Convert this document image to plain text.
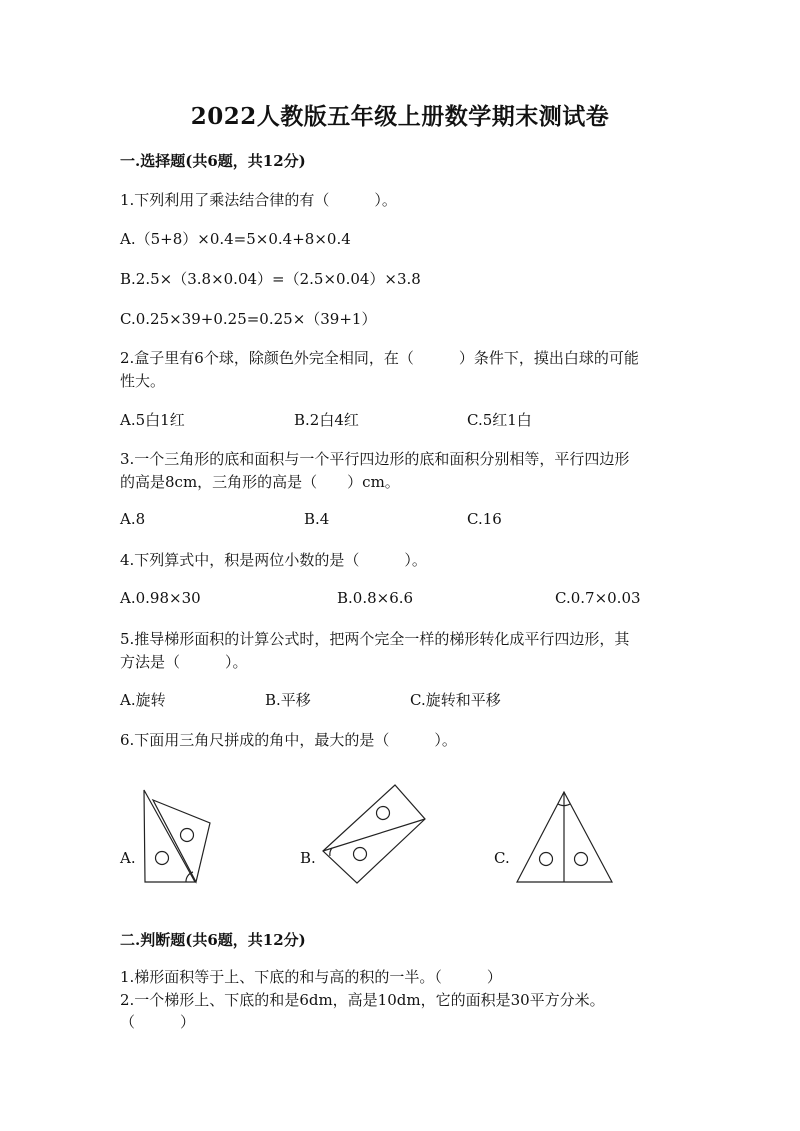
2022人教版五年级上册数学期末测试卷
一.选择题(共6题，共12分)
1.下列利用了乘法结合律的有（　　　）。
A.（5+8）×0.4=5×0.4+8×0.4
B.2.5×（3.8×0.04）=（2.5×0.04）×3.8
C.0.25×39+0.25=0.25×（39+1）
2.盒子里有6个球，除颜色外完全相同，在（　　　）条件下，摸出白球的可能
性大。
A.5白1红	B.2白4红	C.5红1白
3.一个三角形的底和面积与一个平行四边形的底和面积分别相等，平行四边形
的高是8cm，三角形的高是（　　）cm。
A.8	B.4	C.16
4.下列算式中，积是两位小数的是（　　　）。
A.0.98×30	B.0.8×6.6	C.0.7×0.03
5.推导梯形面积的计算公式时，把两个完全一样的梯形转化成平行四边形，其
方法是（　　　）。
A.旋转	B.平移	C.旋转和平移
6.下面用三角尺拼成的角中，最大的是（　　　）。
A.	B.	C.
二.判断题(共6题，共12分)
1.梯形面积等于上、下底的和与高的积的一半。（　　　）
2.一个梯形上、下底的和是6dm，高是10dm，它的面积是30平方分米。
（　　　）
